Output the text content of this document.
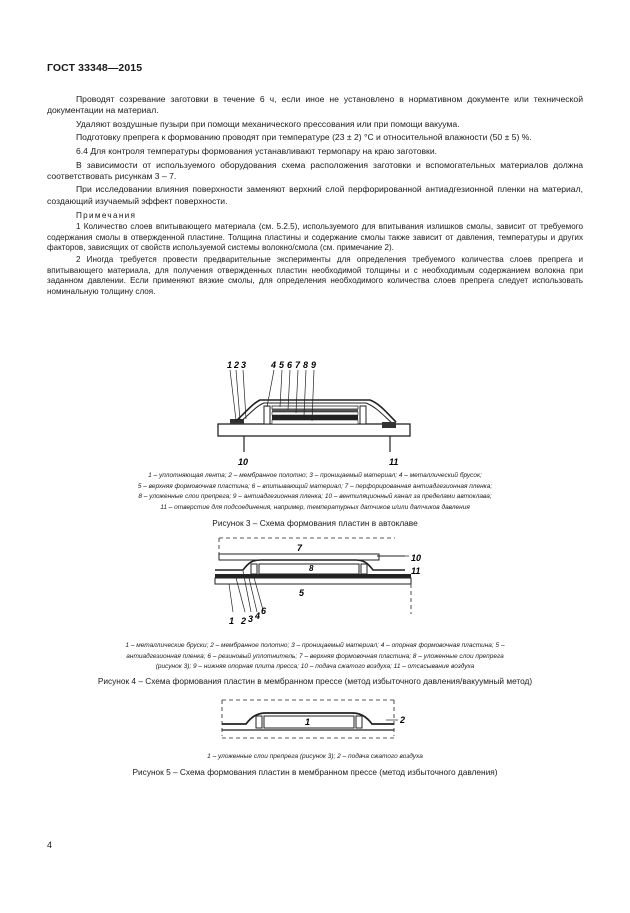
ГОСТ 33348—2015

Проводят созревание заготовки в течение 6 ч, если иное не установлено в нормативном документе или технической документации на материал.

Удаляют воздушные пузыри при помощи механического прессования или при помощи вакуума.

Подготовку препрега к формованию проводят при температуре (23 ± 2) °С и относительной влажности (50 ± 5) %.

6.4 Для контроля температуры формования устанавливают термопару на краю заготовки.

В зависимости от используемого оборудования схема расположения заготовки и вспомогательных материалов должна соответствовать рисункам 3 – 7.

При исследовании влияния поверхности заменяют верхний слой перфорированной антиадгезионной пленки на материал, создающий изучаемый эффект поверхности.

Примечания

1 Количество слоев впитывающего материала (см. 5.2.5), используемого для впитывания излишков смолы, зависит от требуемого содержания смолы в отвержденной пластине. Толщина пластины и содержание смолы также зависит от давления, температуры и других факторов, зависящих от свойств используемой системы волокно/смола (см. примечание 2).

2 Иногда требуется провести предварительные эксперименты для определения требуемого количества слоев препрега и впитывающего материала, для получения отвержденных пластин необходимой толщины и с необходимым содержанием волокна при заданном давлении. Если применяют вязкие смолы, для определения необходимого количества слоев препрега следует использовать номинальную толщину слоя.

1 2 3	4 5 6 7 8 9
10	11
1 – уплотняющая лента; 2 – мембранное полотно; 3 – проницаемый материал; 4 – металлический брусок;
5 – верхняя формовочная пластина; 6 – впитывающий материал; 7 – перфорированная антиадгезионная пленка;
8 – уложенные слои препрега; 9 – антиадгезионная пленка; 10 – вентиляционный канал за пределами автоклава;
11 – отверстие для подсоединения, например, температурных датчиков и/или датчиков давления
Рисунок 3 – Схема формования пластин в автоклаве
7
8
5
10
11
1 2 3 4 6
1 – металлические бруски; 2 – мембранное полотно; 3 – проницаемый материал; 4 – опорная формовочная пластина; 5 –
антиадгезионная пленка; 6 – резиновый уплотнитель; 7 – верхняя формовочная пластина; 8 – уложенные слои препрега
(рисунок 3); 9 – нижняя опорная плита пресса; 10 – подача сжатого воздуха; 11 – отсасывание воздуха
Рисунок 4 – Схема формования пластин в мембранном прессе (метод избыточного давления/вакуумный метод)
1	2
1 – уложенные слои препрега (рисунок 3); 2 – подача сжатого воздуха
Рисунок 5 – Схема формования пластин в мембранном прессе (метод избыточного давления)
4
